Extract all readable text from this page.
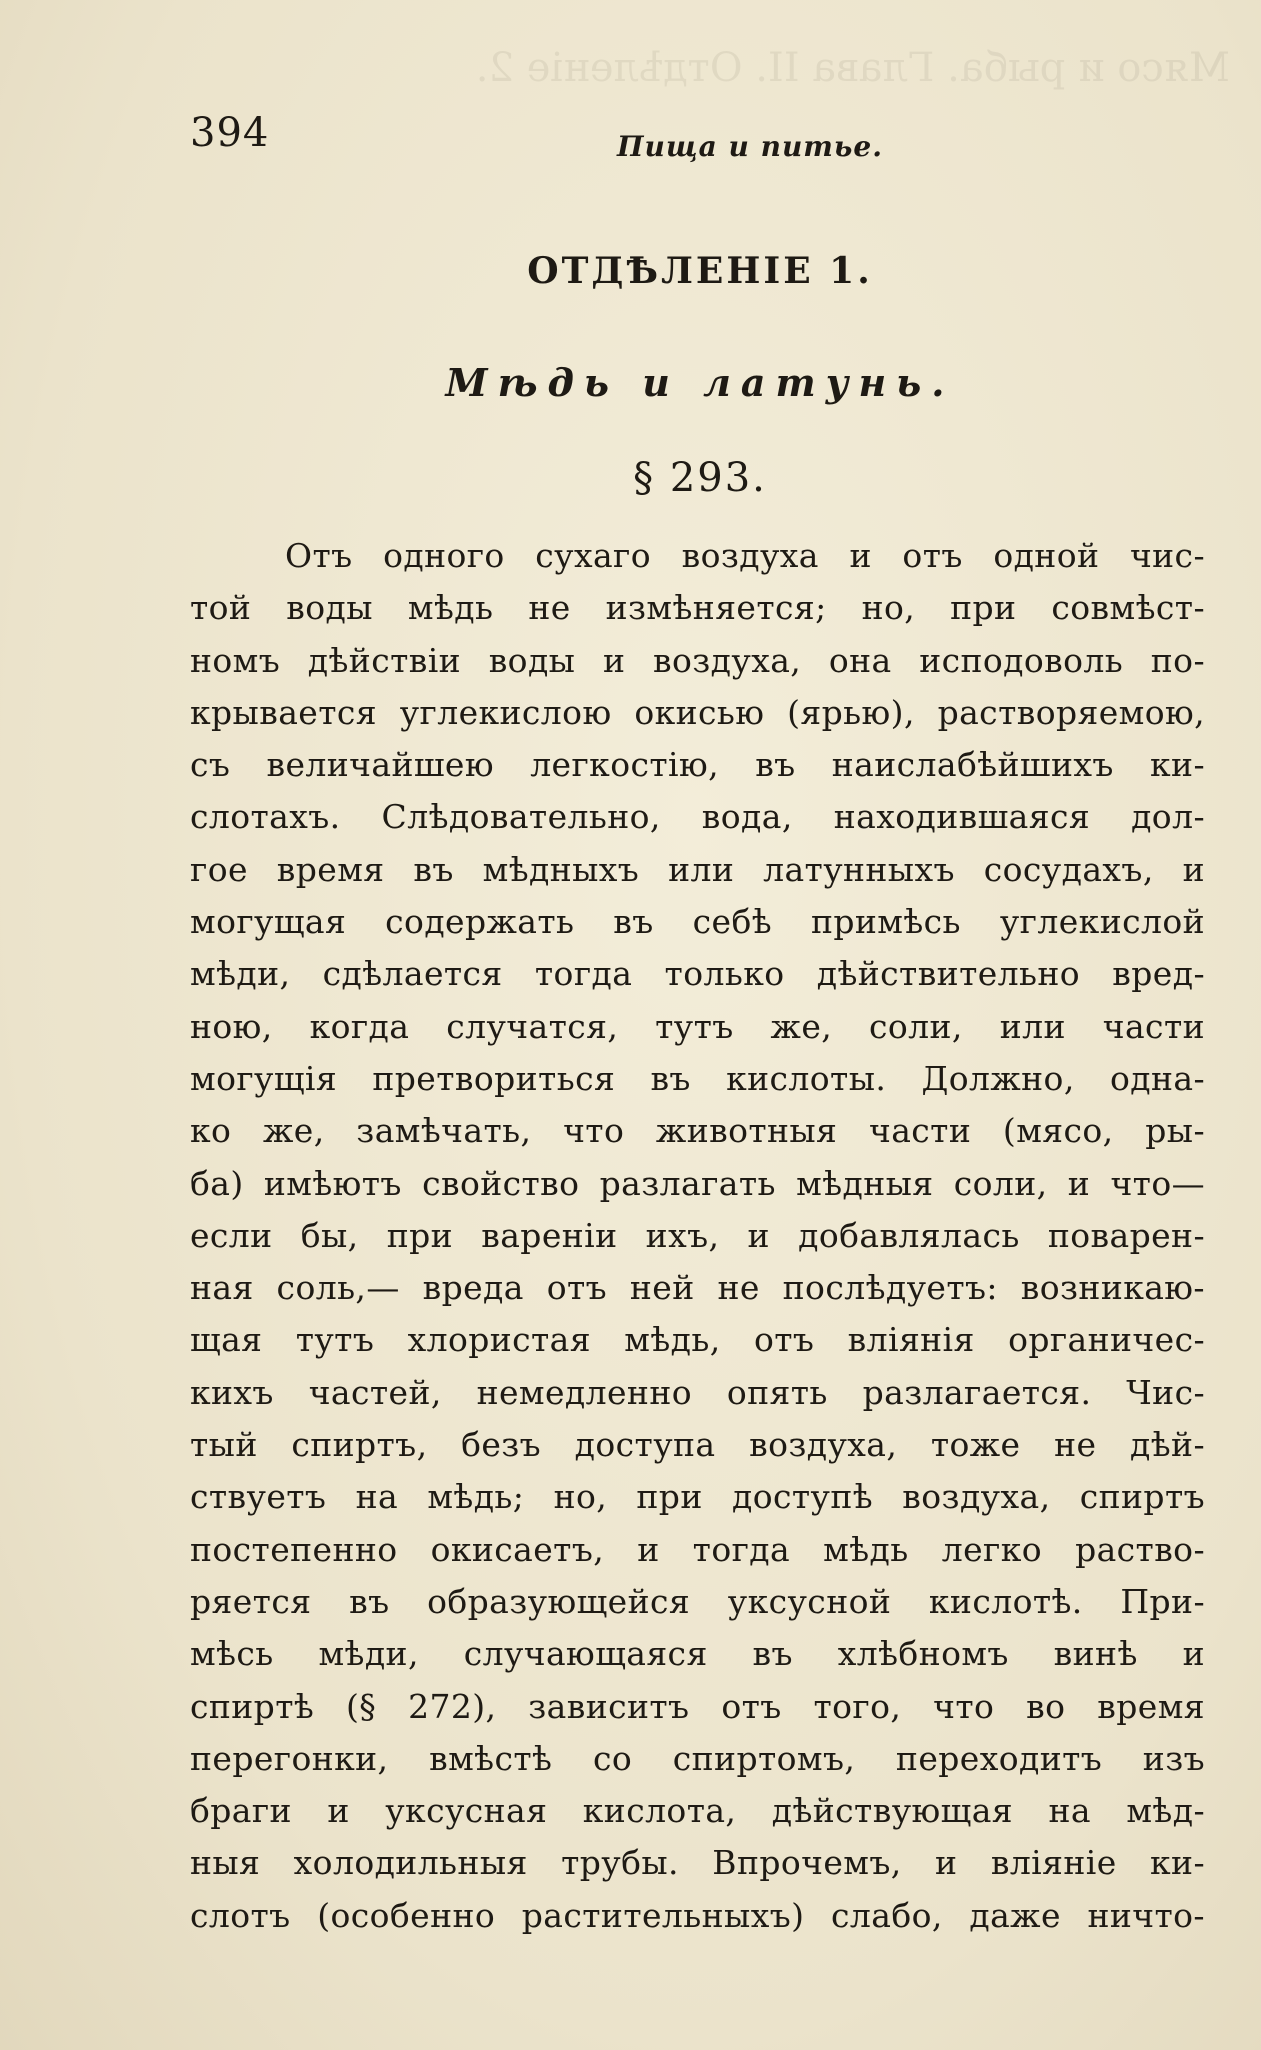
Мясо и рыба. Глава II. Отдѣленіе 2.
394	Пища и питье.
ОТДѢЛЕНІЕ 1.
Мѣдь и латунь.
§ 293.
Отъ одного сухаго воздуха и отъ одной чис-
той воды мѣдь не измѣняется; но, при совмѣст-
номъ дѣйствіи воды и воздуха, она исподоволь по-
крывается углекислою окисью (ярью), растворяемою,
съ величайшею легкостію, въ наислабѣйшихъ ки-
слотахъ. Слѣдовательно, вода, находившаяся дол-
гое время въ мѣдныхъ или латунныхъ сосудахъ, и
могущая содержать въ себѣ примѣсь углекислой
мѣди, сдѣлается тогда только дѣйствительно вред-
ною, когда случатся, тутъ же, соли, или части
могущія претвориться въ кислоты. Должно, одна-
ко же, замѣчать, что животныя части (мясо, ры-
ба) имѣютъ свойство разлагать мѣдныя соли, и что—
если бы, при вареніи ихъ, и добавлялась поварен-
ная соль,— вреда отъ ней не послѣдуетъ: возникаю-
щая тутъ хлористая мѣдь, отъ вліянія органичес-
кихъ частей, немедленно опять разлагается. Чис-
тый спиртъ, безъ доступа воздуха, тоже не дѣй-
ствуетъ на мѣдь; но, при доступѣ воздуха, спиртъ
постепенно окисаетъ, и тогда мѣдь легко раство-
ряется въ образующейся уксусной кислотѣ. При-
мѣсь мѣди, случающаяся въ хлѣбномъ винѣ и
спиртѣ (§ 272), зависитъ отъ того, что во время
перегонки, вмѣстѣ со спиртомъ, переходитъ изъ
браги и уксусная кислота, дѣйствующая на мѣд-
ныя холодильныя трубы. Впрочемъ, и вліяніе ки-
слотъ (особенно растительныхъ) слабо, даже ничто-
